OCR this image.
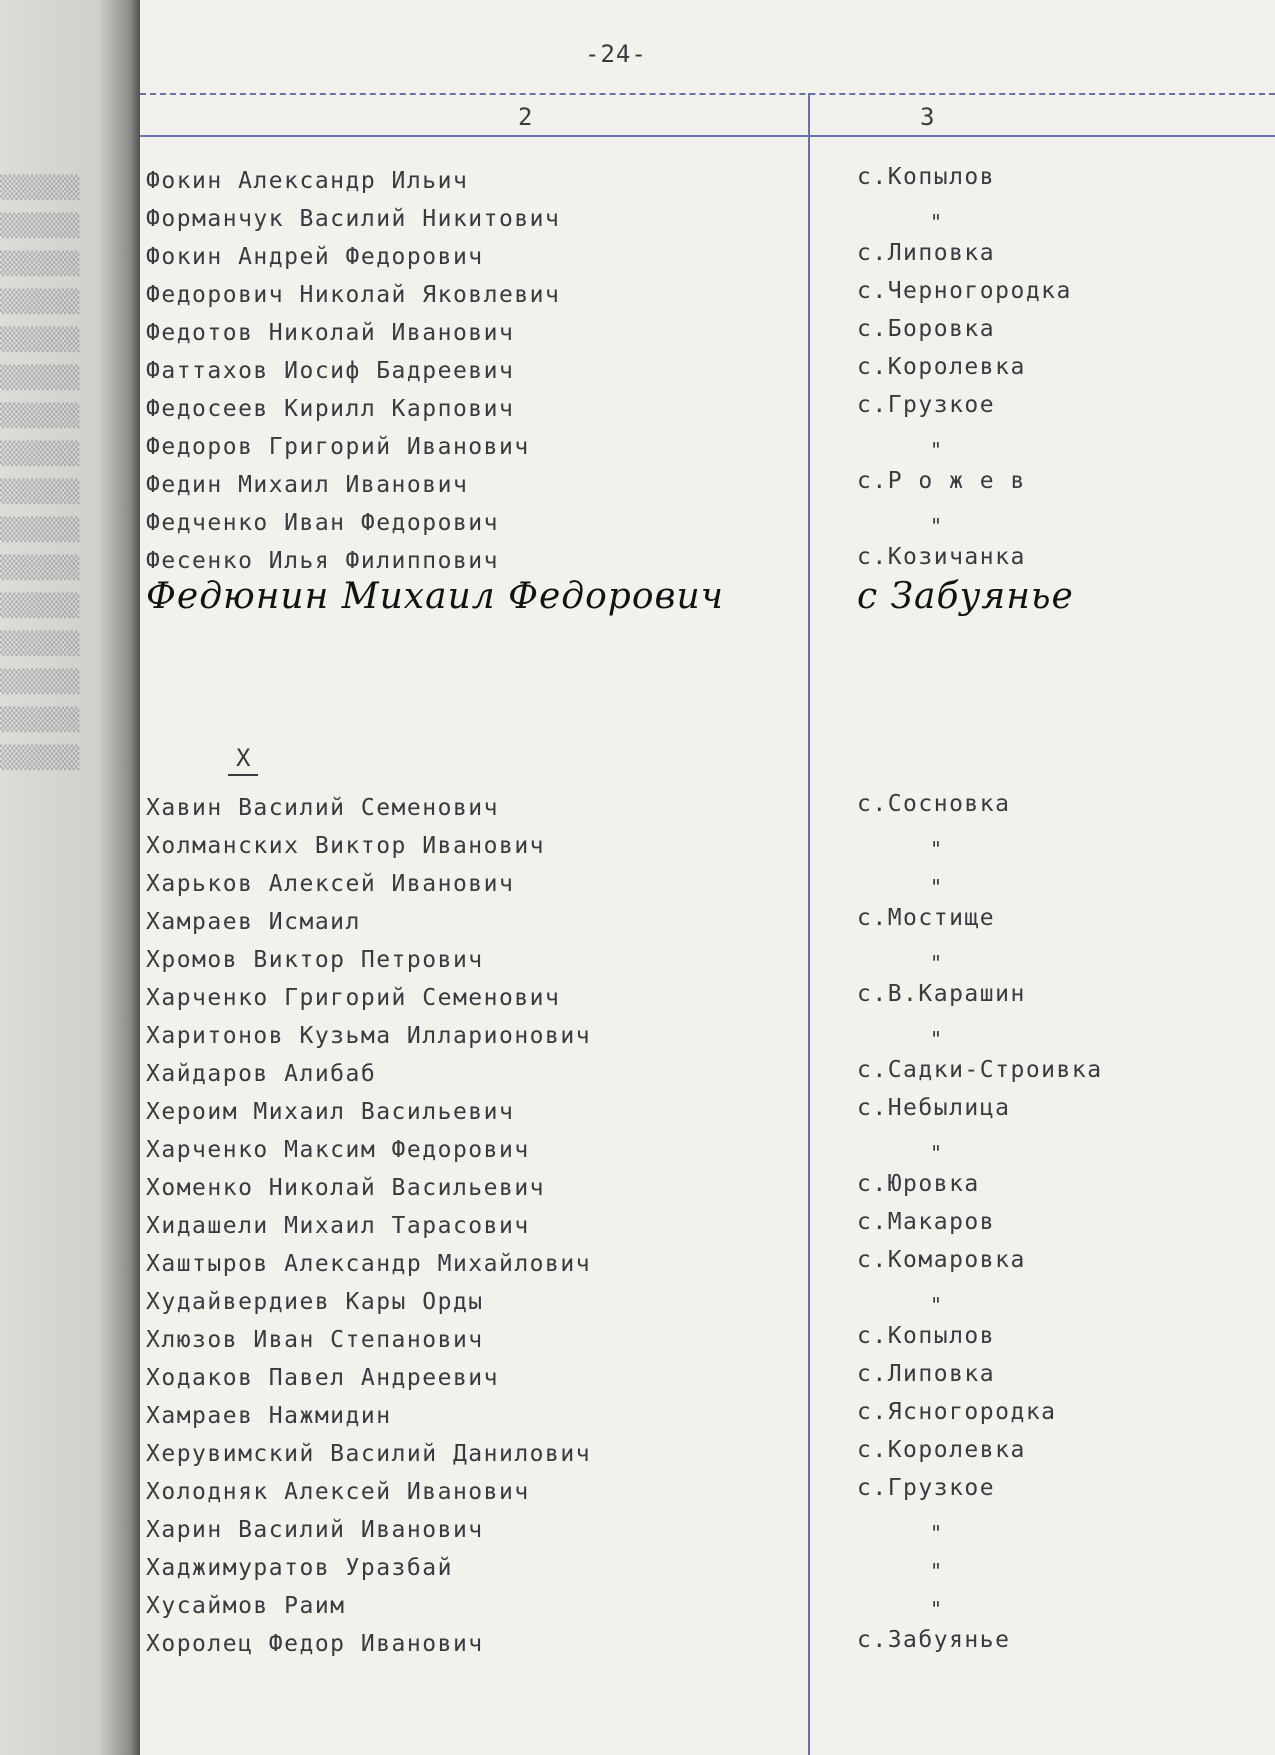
▒▒▒▒▒▒
▒▒▒▒▒▒
▒▒▒▒▒▒
▒▒▒▒▒▒
▒▒▒▒▒▒
▒▒▒▒▒▒
▒▒▒▒▒▒
▒▒▒▒▒▒
▒▒▒▒▒▒
▒▒▒▒▒▒
▒▒▒▒▒▒
▒▒▒▒▒▒
▒▒▒▒▒▒
▒▒▒▒▒▒
▒▒▒▒▒▒
▒▒▒▒▒▒
-24-
2	3
Фокин Александр Ильич	с.Копылов
Форманчук Василий Никитович	"
Фокин Андрей Федорович	с.Липовка
Федорович Николай Яковлевич	с.Черногородка
Федотов Николай Иванович	с.Боровка
Фаттахов Иосиф Бадреевич	с.Королевка
Федосеев Кирилл Карпович	с.Грузкое
Федоров Григорий Иванович	"
Федин Михаил Иванович	с.Р о ж е в
Федченко Иван Федорович	"
Фесенко Илья Филиппович	с.Козичанка
Федюнин Михаил Федорович	с Забуянье
X
Хавин Василий Семенович	с.Сосновка
Холманских Виктор Иванович	"
Харьков Алексей Иванович	"
Хамраев Исмаил	с.Мостище
Хромов Виктор Петрович	"
Харченко Григорий Семенович	с.В.Карашин
Харитонов Кузьма Илларионович	"
Хайдаров Алибаб	с.Садки-Строивка
Хероим Михаил Васильевич	с.Небылица
Харченко Максим Федорович	"
Хоменко Николай Васильевич	с.Юровка
Хидашели Михаил Тарасович	с.Макаров
Хаштыров Александр Михайлович	с.Комаровка
Худайвердиев Кары Орды	"
Хлюзов Иван Степанович	с.Копылов
Ходаков Павел Андреевич	с.Липовка
Хамраев Нажмидин	с.Ясногородка
Херувимский Василий Данилович	с.Королевка
Холодняк Алексей Иванович	с.Грузкое
Харин Василий Иванович	"
Хаджимуратов Уразбай	"
Хусаймов Раим	"
Хоролец Федор Иванович	с.Забуянье
